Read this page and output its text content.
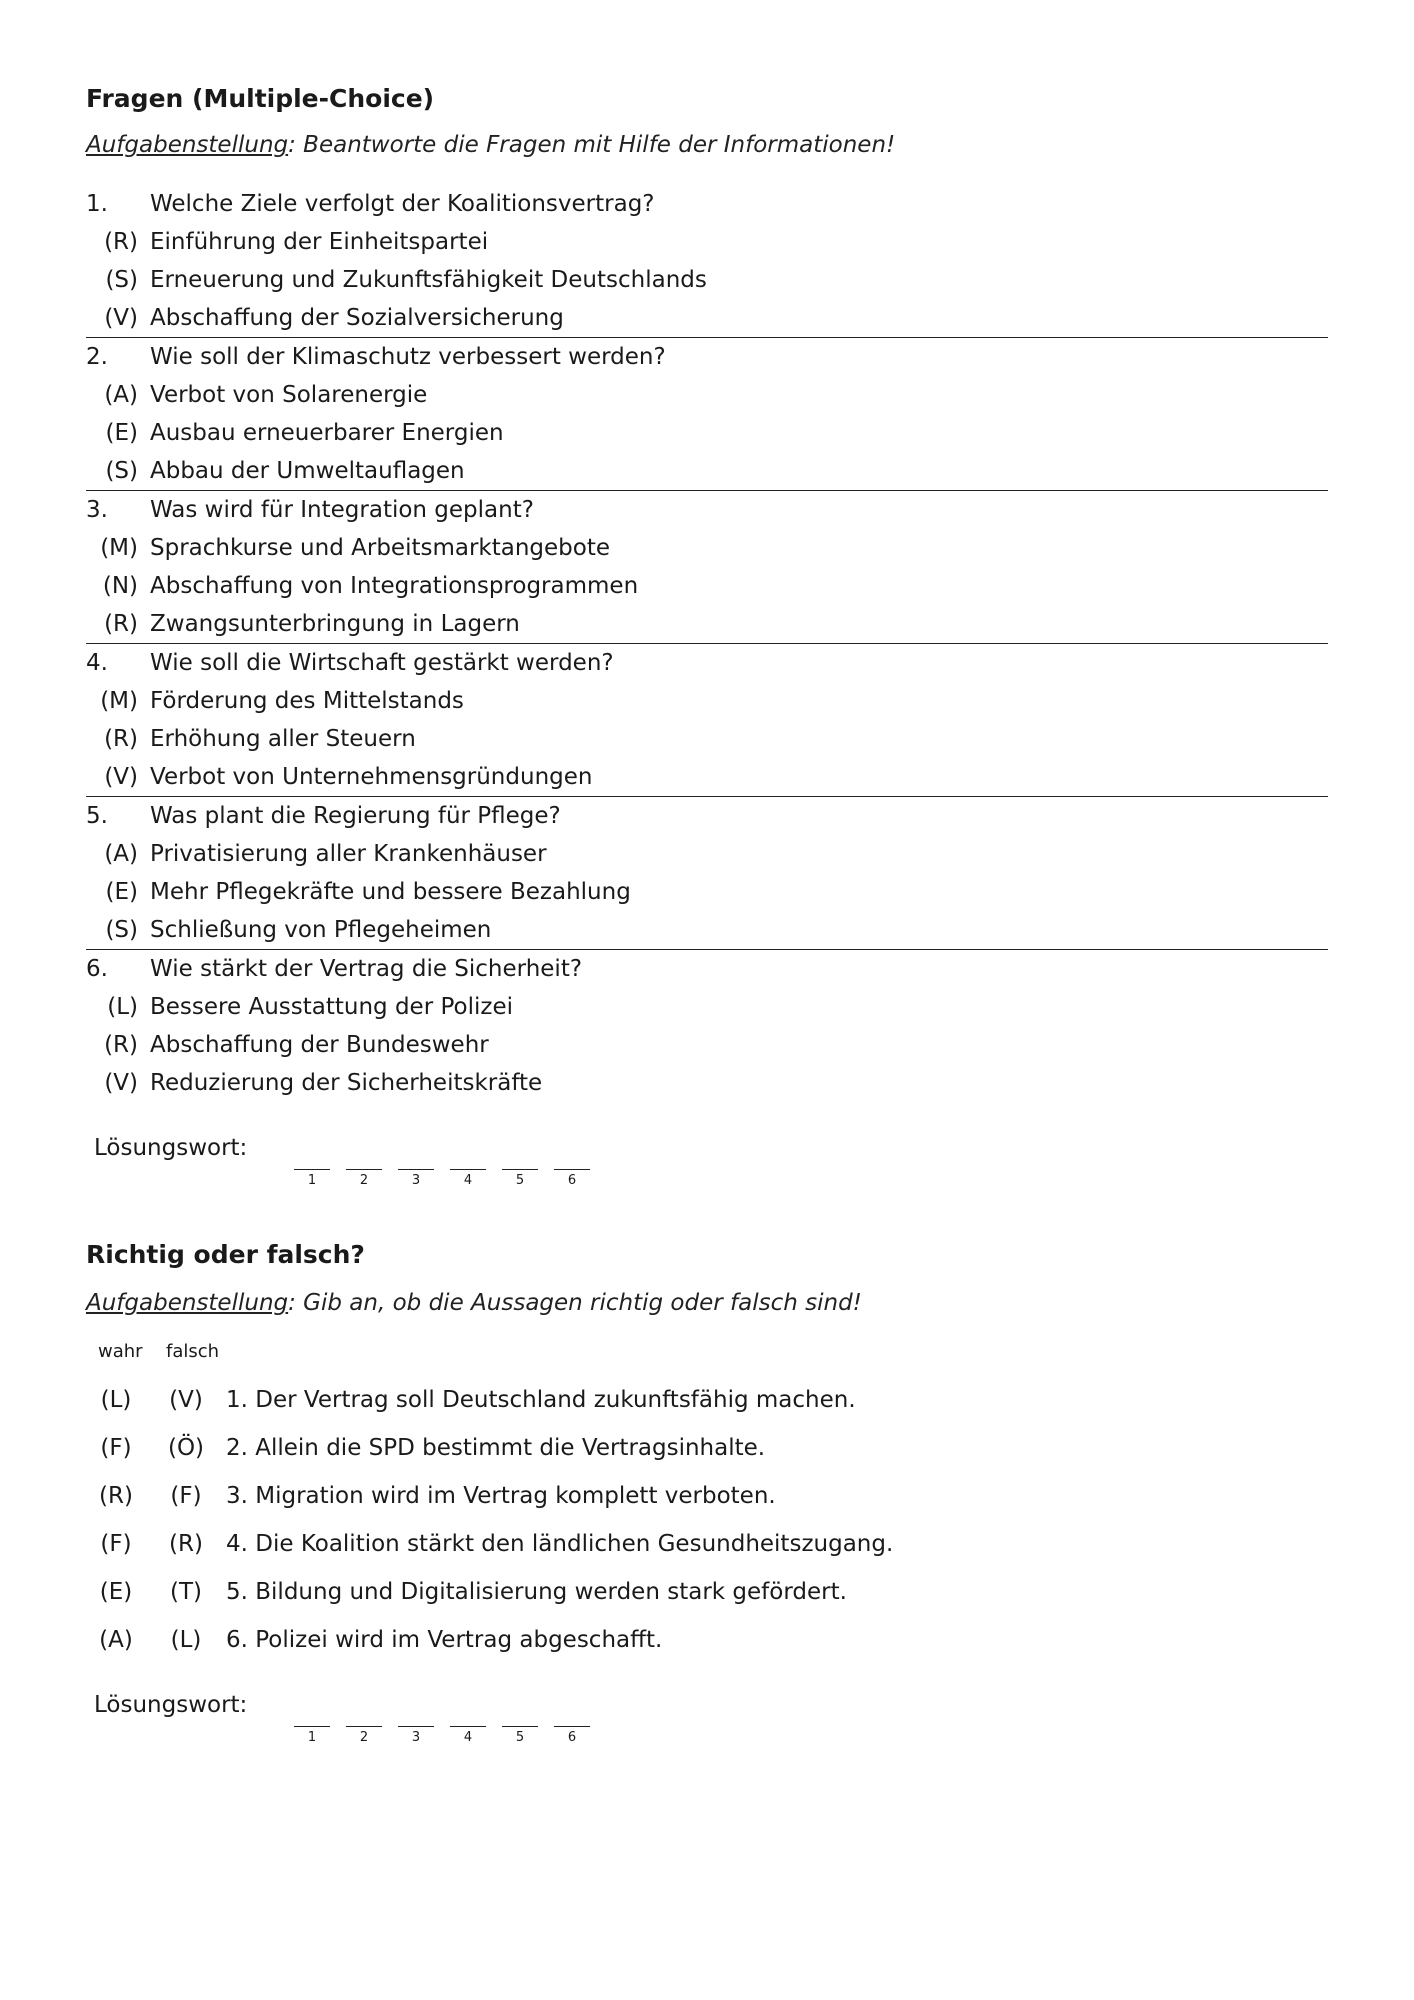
Fragen (Multiple-Choice)
Aufgabenstellung: Beantworte die Fragen mit Hilfe der Informationen!
1.	Welche Ziele verfolgt der Koalitionsvertrag?
(R) Einführung der Einheitspartei
(S) Erneuerung und Zukunftsfähigkeit Deutschlands
(V) Abschaffung der Sozialversicherung
2.	Wie soll der Klimaschutz verbessert werden?
(A) Verbot von Solarenergie
(E) Ausbau erneuerbarer Energien
(S) Abbau der Umweltauflagen
3.	Was wird für Integration geplant?
(M) Sprachkurse und Arbeitsmarktangebote
(N) Abschaffung von Integrationsprogrammen
(R) Zwangsunterbringung in Lagern
4.	Wie soll die Wirtschaft gestärkt werden?
(M) Förderung des Mittelstands
(R) Erhöhung aller Steuern
(V) Verbot von Unternehmensgründungen
5.	Was plant die Regierung für Pflege?
(A) Privatisierung aller Krankenhäuser
(E) Mehr Pflegekräfte und bessere Bezahlung
(S) Schließung von Pflegeheimen
6.	Wie stärkt der Vertrag die Sicherheit?
(L) Bessere Ausstattung der Polizei
(R) Abschaffung der Bundeswehr
(V) Reduzierung der Sicherheitskräfte
Lösungswort:
1	2	3	4	5	6
Richtig oder falsch?
Aufgabenstellung: Gib an, ob die Aussagen richtig oder falsch sind!
wahr falsch
(L) (V) 1. Der Vertrag soll Deutschland zukunftsfähig machen.
(F) (Ö) 2. Allein die SPD bestimmt die Vertragsinhalte.
(R) (F) 3. Migration wird im Vertrag komplett verboten.
(F) (R) 4. Die Koalition stärkt den ländlichen Gesundheitszugang.
(E) (T) 5. Bildung und Digitalisierung werden stark gefördert.
(A) (L) 6. Polizei wird im Vertrag abgeschafft.
Lösungswort:
1	2	3	4	5	6
